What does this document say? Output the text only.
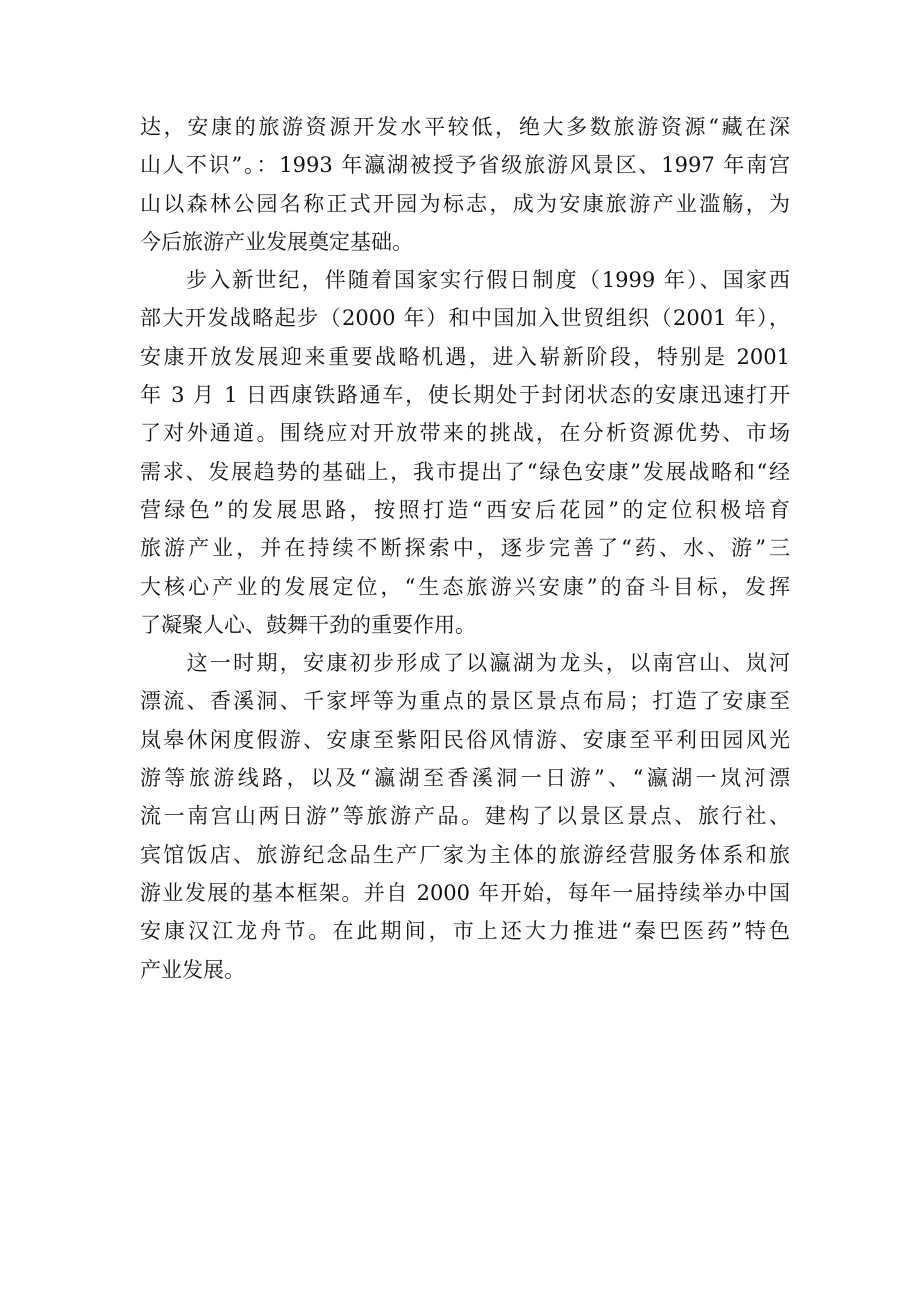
达，安康的旅游资源开发水平较低，绝大多数旅游资源“藏在深
山人不识”。：1993 年瀛湖被授予省级旅游风景区、1997 年南宫
山以森林公园名称正式开园为标志，成为安康旅游产业滥觞，为
今后旅游产业发展奠定基础。
　　步入新世纪，伴随着国家实行假日制度（1999 年）、国家西
部大开发战略起步（2000 年）和中国加入世贸组织（2001 年），
安康开放发展迎来重要战略机遇，进入崭新阶段，特别是 2001
年 3 月 1 日西康铁路通车，使长期处于封闭状态的安康迅速打开
了对外通道。围绕应对开放带来的挑战，在分析资源优势、市场
需求、发展趋势的基础上，我市提出了“绿色安康”发展战略和“经
营绿色”的发展思路，按照打造“西安后花园”的定位积极培育
旅游产业，并在持续不断探索中，逐步完善了“药、水、游”三
大核心产业的发展定位，“生态旅游兴安康”的奋斗目标，发挥
了凝聚人心、鼓舞干劲的重要作用。
　　这一时期，安康初步形成了以瀛湖为龙头，以南宫山、岚河
漂流、香溪洞、千家坪等为重点的景区景点布局；打造了安康至
岚皋休闲度假游、安康至紫阳民俗风情游、安康至平利田园风光
游等旅游线路，以及“瀛湖至香溪洞一日游”、“瀛湖一岚河漂
流一南宫山两日游”等旅游产品。建构了以景区景点、旅行社、
宾馆饭店、旅游纪念品生产厂家为主体的旅游经营服务体系和旅
游业发展的基本框架。并自 2000 年开始，每年一届持续举办中国
安康汉江龙舟节。在此期间，市上还大力推进“秦巴医药”特色
产业发展。
